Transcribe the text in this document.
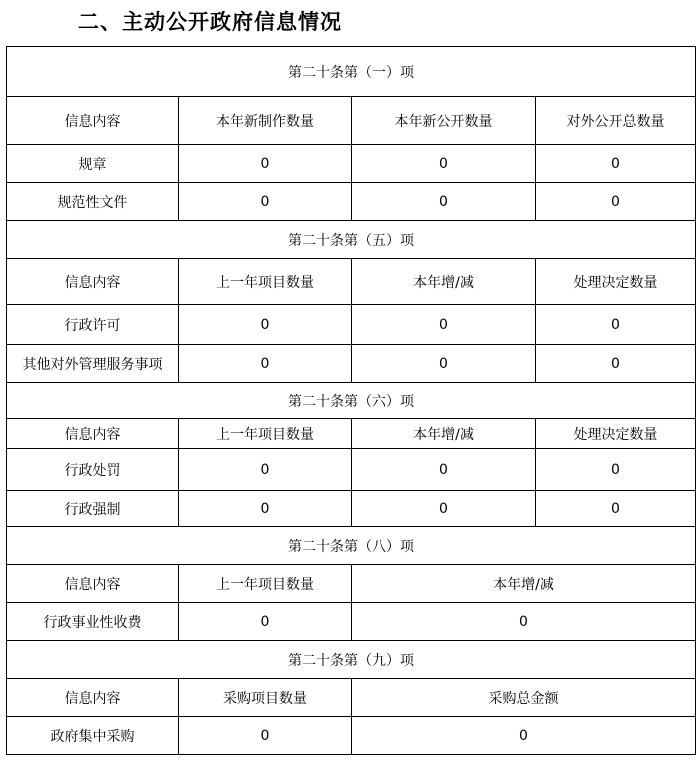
二、主动公开政府信息情况
第二十条第（一）项			
信息内容	本年新制作数量	本年新公开数量	对外公开总数量
规章	0	0	0
规范性文件	0	0	0
第二十条第（五）项			
信息内容	上一年项目数量	本年增/减	处理决定数量
行政许可	0	0	0
其他对外管理服务事项	0	0	0
第二十条第（六）项			
信息内容	上一年项目数量	本年增/减	处理决定数量
行政处罚	0	0	0
行政强制	0	0	0
第二十条第（八）项			
信息内容	上一年项目数量	本年增/减	
行政事业性收费	0	0	
第二十条第（九）项			
信息内容	采购项目数量	采购总金额	
政府集中采购	0	0	
